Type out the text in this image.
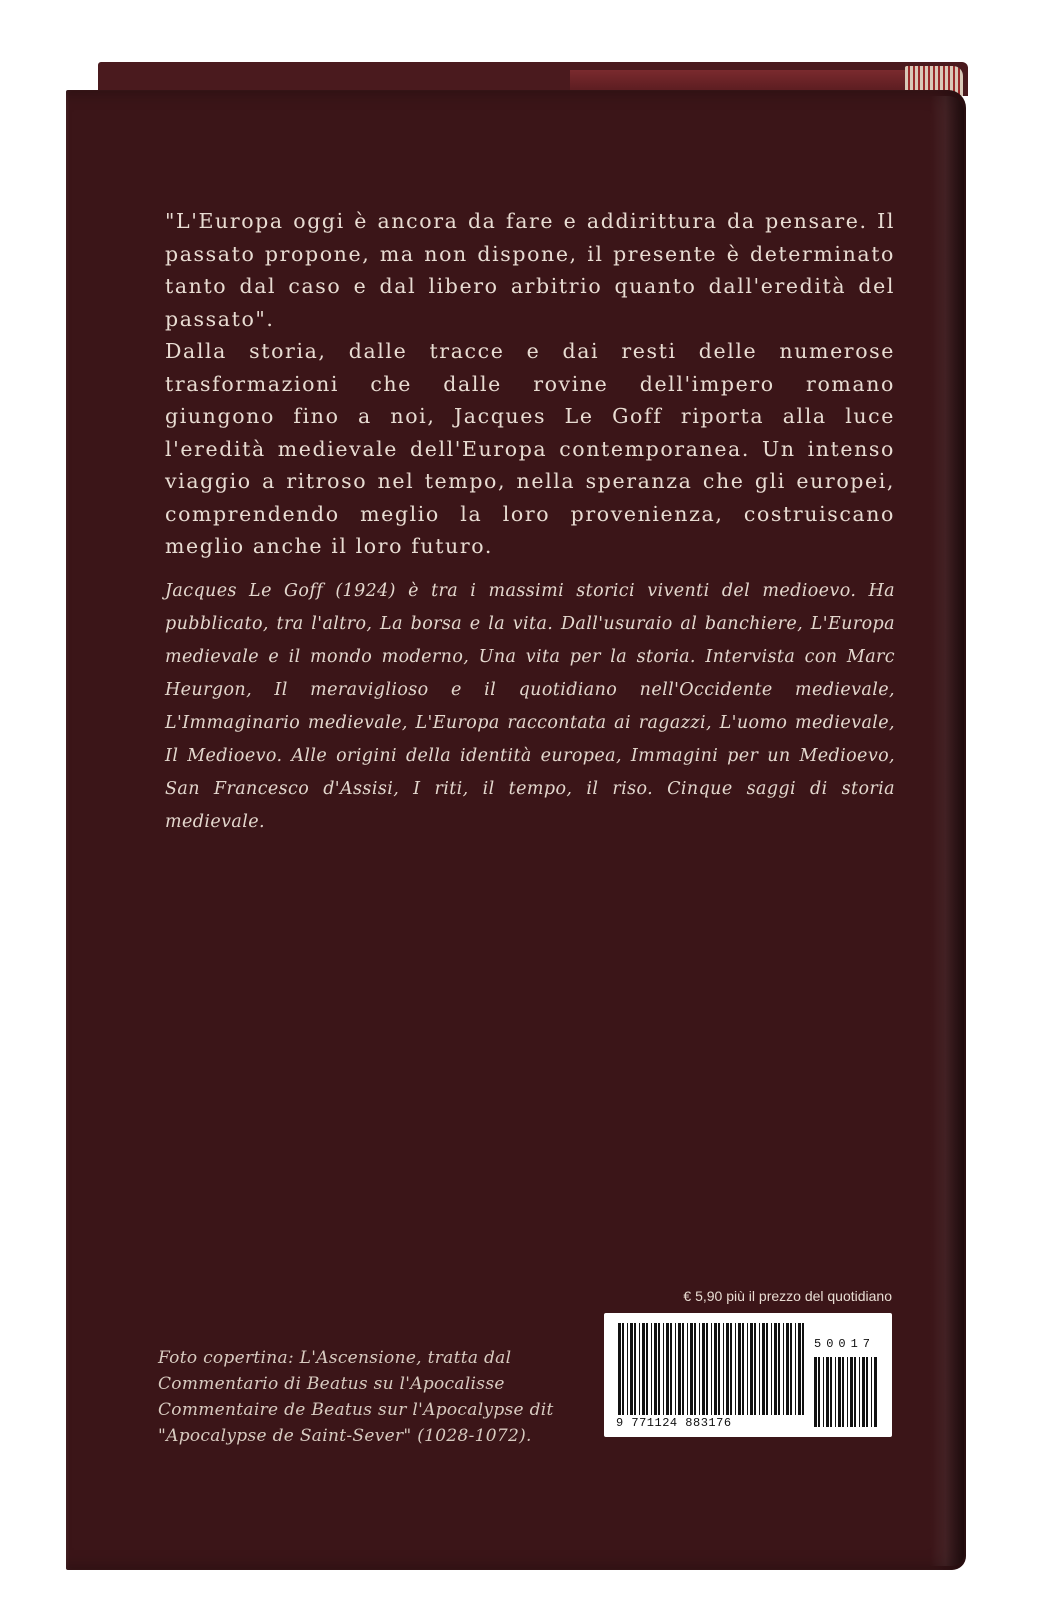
"L'Europa oggi è ancora da fare e addirittura da pensare. Il passato propone, ma non dispone, il presente è determinato tanto dal caso e dal libero arbitrio quanto dall'eredità del passato".

Dalla storia, dalle tracce e dai resti delle numerose trasformazioni che dalle rovine dell'impero romano giungono fino a noi, Jacques Le Goff riporta alla luce l'eredità medievale dell'Europa contemporanea. Un intenso viaggio a ritroso nel tempo, nella speranza che gli europei, comprendendo meglio la loro provenienza, costruiscano meglio anche il loro futuro.

Jacques Le Goff (1924) è tra i massimi storici viventi del medioevo. Ha pubblicato, tra l'altro, La borsa e la vita. Dall'usuraio al banchiere, L'Europa medievale e il mondo moderno, Una vita per la storia. Intervista con Marc Heurgon, Il meraviglioso e il quotidiano nell'Occidente medievale, L'Immaginario medievale, L'Europa raccontata ai ragazzi, L'uomo medievale, Il Medioevo. Alle origini della identità europea, Immagini per un Medioevo, San Francesco d'Assisi, I riti, il tempo, il riso. Cinque saggi di storia medievale.
€ 5,90 più il prezzo del quotidiano
9 771124 883176
50017
Foto copertina: L'Ascensione, tratta dal Commentario di Beatus su l'Apocalisse Commentaire de Beatus sur l'Apocalypse dit "Apocalypse de Saint-Sever" (1028-1072).
